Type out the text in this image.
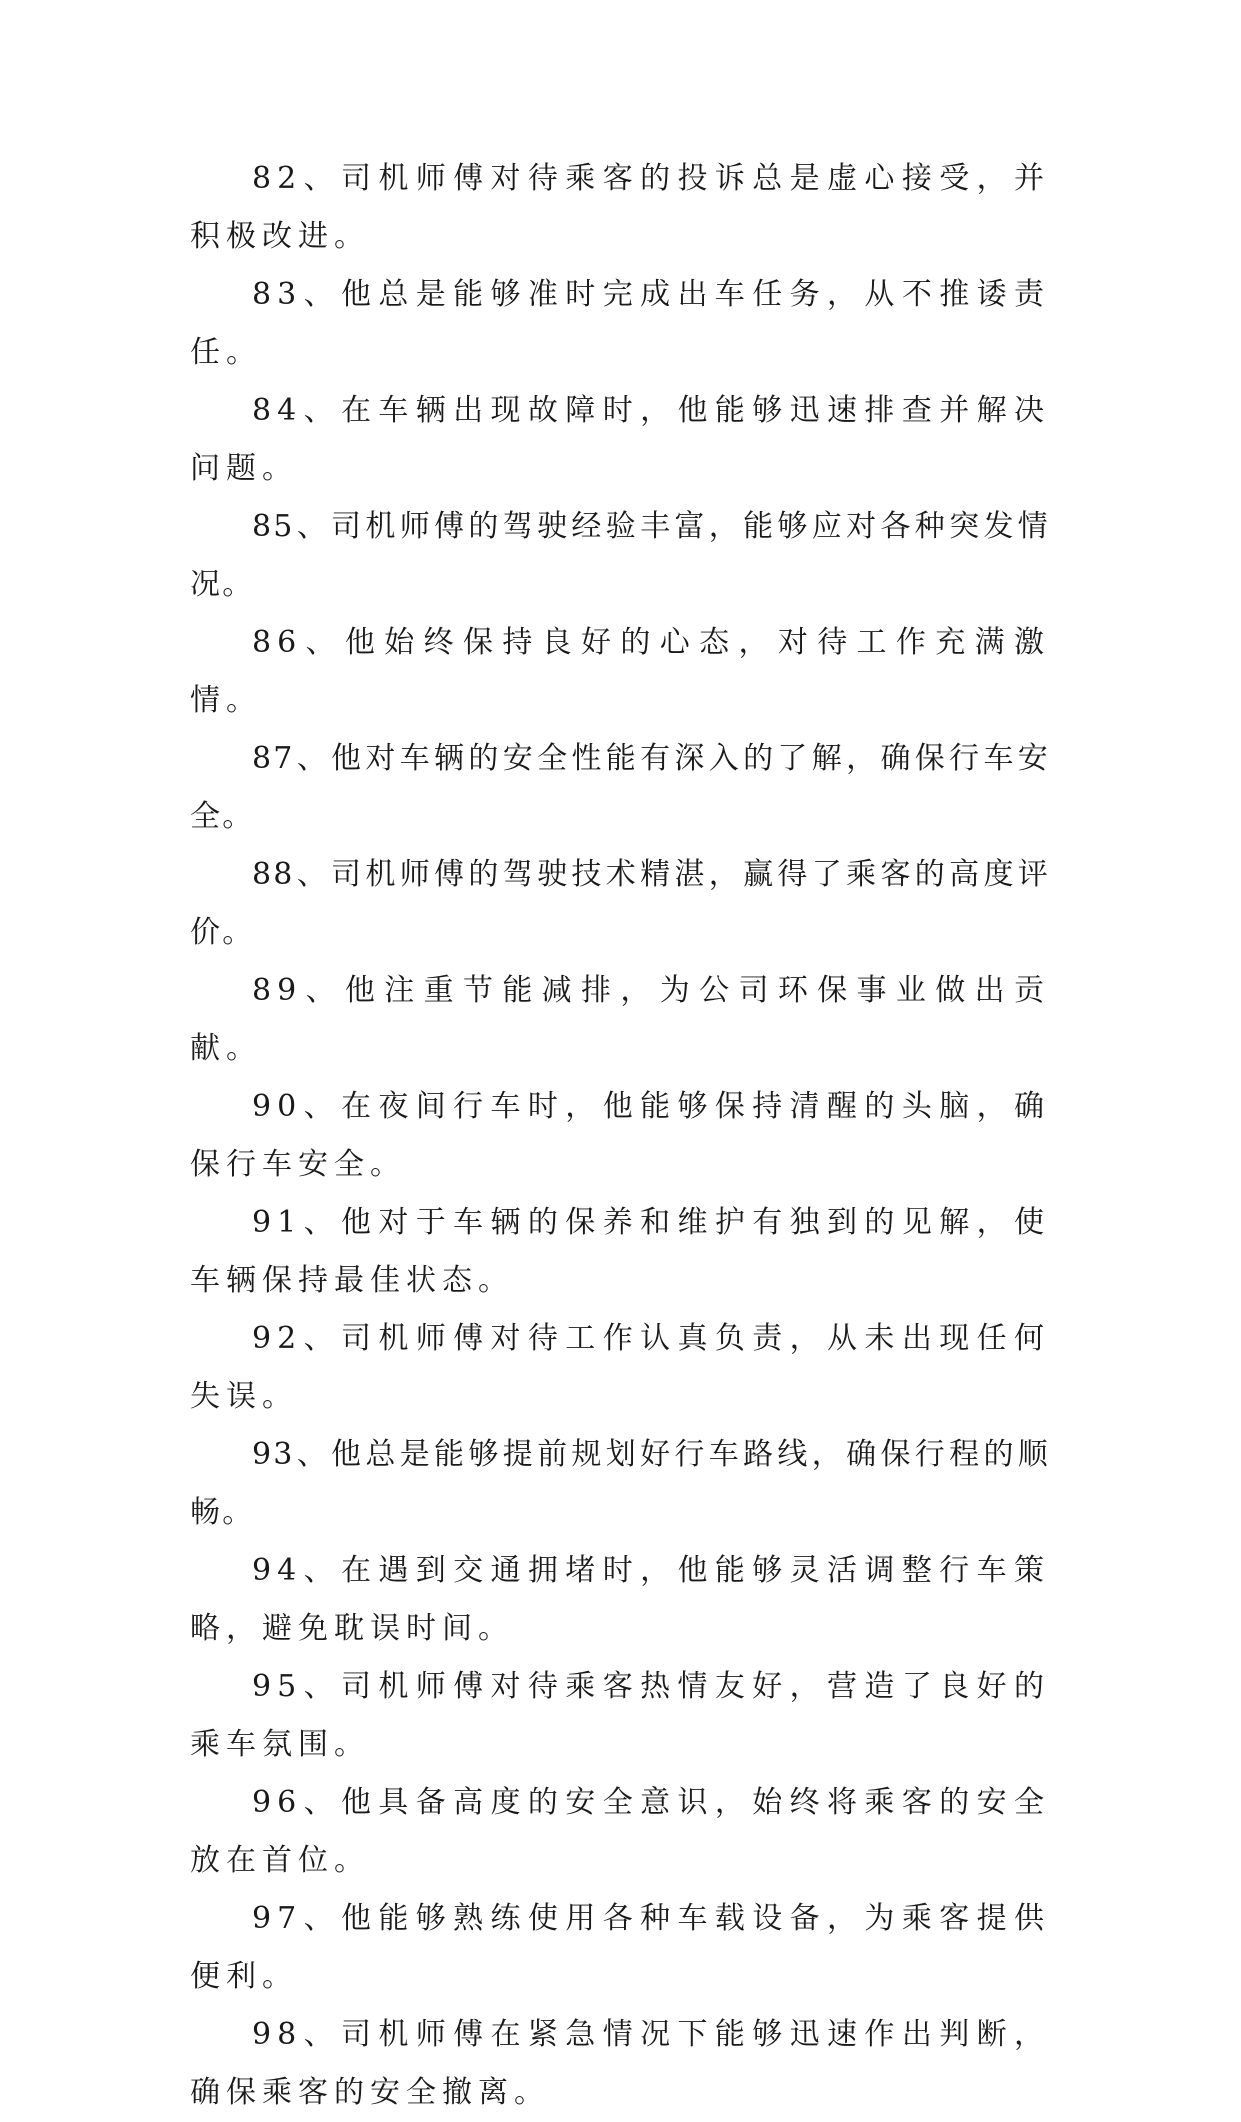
82、司机师傅对待乘客的投诉总是虚心接受，并积极改进。

83、他总是能够准时完成出车任务，从不推诿责任。

84、在车辆出现故障时，他能够迅速排查并解决问题。

85、司机师傅的驾驶经验丰富，能够应对各种突发情况。

86、他始终保持良好的心态，对待工作充满激情。

87、他对车辆的安全性能有深入的了解，确保行车安全。

88、司机师傅的驾驶技术精湛，赢得了乘客的高度评价。

89、他注重节能减排，为公司环保事业做出贡献。

90、在夜间行车时，他能够保持清醒的头脑，确保行车安全。

91、他对于车辆的保养和维护有独到的见解，使车辆保持最佳状态。

92、司机师傅对待工作认真负责，从未出现任何失误。

93、他总是能够提前规划好行车路线，确保行程的顺畅。

94、在遇到交通拥堵时，他能够灵活调整行车策略，避免耽误时间。

95、司机师傅对待乘客热情友好，营造了良好的乘车氛围。

96、他具备高度的安全意识，始终将乘客的安全放在首位。

97、他能够熟练使用各种车载设备，为乘客提供便利。

98、司机师傅在紧急情况下能够迅速作出判断，确保乘客的安全撤离。
